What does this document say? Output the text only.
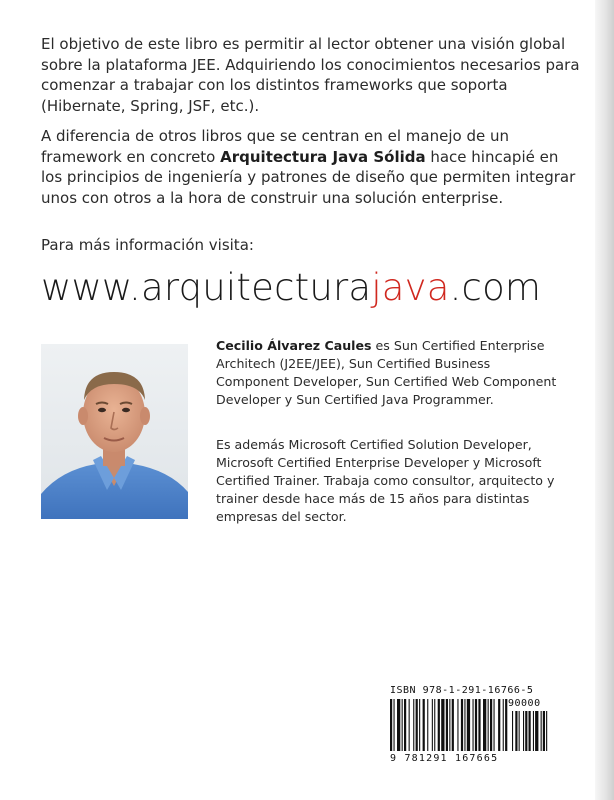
El objetivo de este libro es permitir al lector obtener una visión global sobre la plataforma JEE. Adquiriendo los conocimientos necesarios para comenzar a trabajar con los distintos frameworks que soporta (Hibernate, Spring, JSF, etc.).

A diferencia de otros libros que se centran en el manejo de un framework en concreto Arquitectura Java Sólida hace hincapié en los principios de ingeniería y patrones de diseño que permiten integrar unos con otros a la hora de construir una solución enterprise.

Para más información visita:
www.arquitecturajava.com

Cecilio Álvarez Caules es Sun Certified Enterprise Architech (J2EE/JEE), Sun Certified Business Component Developer, Sun Certified Web Component Developer y Sun Certified Java Programmer.

Es además Microsoft Certified Solution Developer, Microsoft Certified Enterprise Developer y Microsoft Certified Trainer. Trabaja como consultor, arquitecto y trainer desde hace más de 15 años para distintas empresas del sector.

ISBN 978-1-291-16766-5
90000
9 781291 167665
